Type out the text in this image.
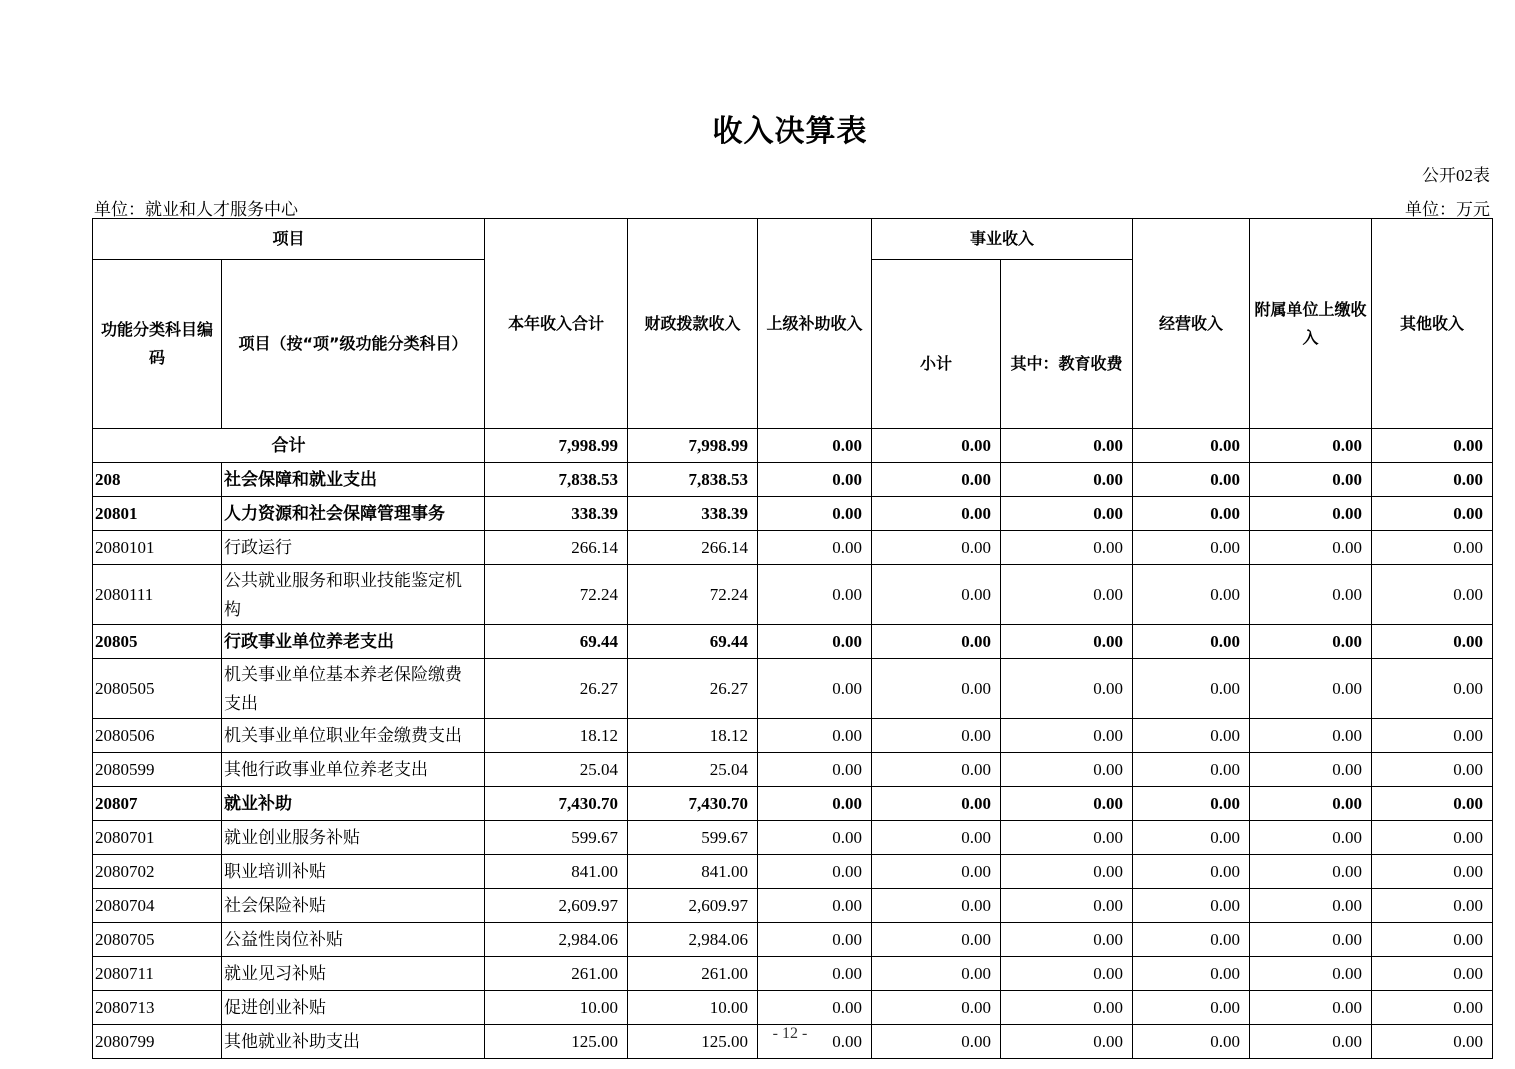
收入决算表
公开02表
单位：就业和人才服务中心	单位：万元
项目		本年收入合计	财政拨款收入	上级补助收入	事业收入		经营收入	附属单位上缴收入	其他收入
功能分类科目编码	项目（按“项”级功能分类科目）				小计	其中：教育收费			
合计		7,998.99	7,998.99	0.00	0.00	0.00	0.00	0.00	0.00
208	社会保障和就业支出	7,838.53	7,838.53	0.00	0.00	0.00	0.00	0.00	0.00
20801	人力资源和社会保障管理事务	338.39	338.39	0.00	0.00	0.00	0.00	0.00	0.00
2080101	行政运行	266.14	266.14	0.00	0.00	0.00	0.00	0.00	0.00
2080111	公共就业服务和职业技能鉴定机构	72.24	72.24	0.00	0.00	0.00	0.00	0.00	0.00
20805	行政事业单位养老支出	69.44	69.44	0.00	0.00	0.00	0.00	0.00	0.00
2080505	机关事业单位基本养老保险缴费支出	26.27	26.27	0.00	0.00	0.00	0.00	0.00	0.00
2080506	机关事业单位职业年金缴费支出	18.12	18.12	0.00	0.00	0.00	0.00	0.00	0.00
2080599	其他行政事业单位养老支出	25.04	25.04	0.00	0.00	0.00	0.00	0.00	0.00
20807	就业补助	7,430.70	7,430.70	0.00	0.00	0.00	0.00	0.00	0.00
2080701	就业创业服务补贴	599.67	599.67	0.00	0.00	0.00	0.00	0.00	0.00
2080702	职业培训补贴	841.00	841.00	0.00	0.00	0.00	0.00	0.00	0.00
2080704	社会保险补贴	2,609.97	2,609.97	0.00	0.00	0.00	0.00	0.00	0.00
2080705	公益性岗位补贴	2,984.06	2,984.06	0.00	0.00	0.00	0.00	0.00	0.00
2080711	就业见习补贴	261.00	261.00	0.00	0.00	0.00	0.00	0.00	0.00
2080713	促进创业补贴	10.00	10.00	0.00	0.00	0.00	0.00	0.00	0.00
2080799	其他就业补助支出	125.00	125.00	0.00	0.00	0.00	0.00	0.00	0.00
- 12 -
